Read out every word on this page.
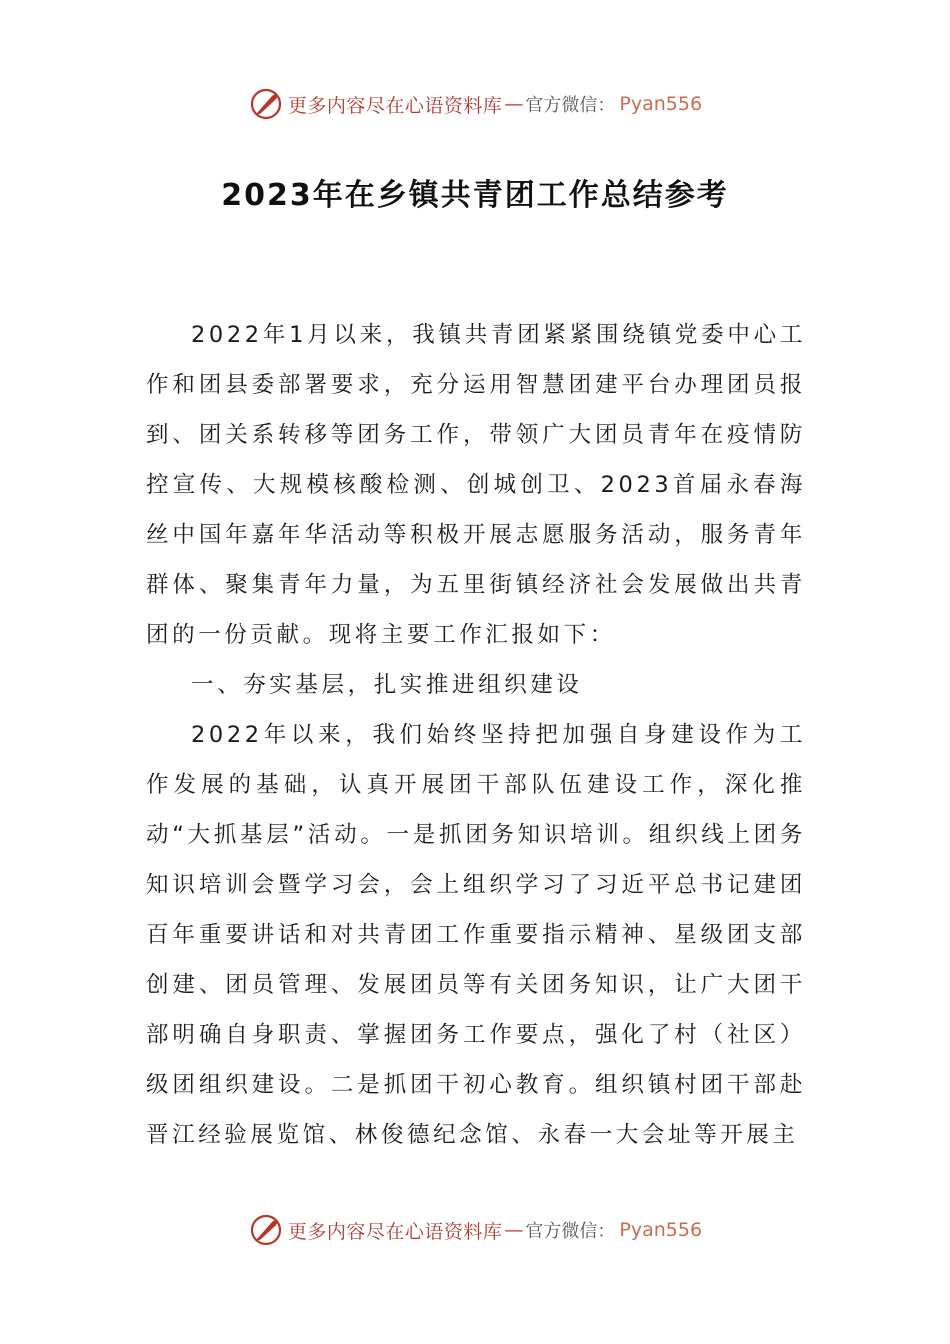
更多内容尽在心语资料库 — 官方微信： Pyan556
2023年在乡镇共青团工作总结参考

2022年1月以来，我镇共青团紧紧围绕镇党委中心工作和团县委部署要求，充分运用智慧团建平台办理团员报到、团关系转移等团务工作，带领广大团员青年在疫情防控宣传、大规模核酸检测、创城创卫、2023首届永春海丝中国年嘉年华活动等积极开展志愿服务活动，服务青年群体、聚集青年力量，为五里街镇经济社会发展做出共青团的一份贡献。现将主要工作汇报如下：

一、夯实基层，扎实推进组织建设

2022年以来，我们始终坚持把加强自身建设作为工作发展的基础，认真开展团干部队伍建设工作，深化推动“大抓基层”活动。一是抓团务知识培训。组织线上团务知识培训会暨学习会，会上组织学习了习近平总书记建团百年重要讲话和对共青团工作重要指示精神、星级团支部创建、团员管理、发展团员等有关团务知识，让广大团干部明确自身职责、掌握团务工作要点，强化了村（社区）级团组织建设。二是抓团干初心教育。组织镇村团干部赴晋江经验展览馆、林俊德纪念馆、永春一大会址等开展主

更多内容尽在心语资料库 — 官方微信： Pyan556
